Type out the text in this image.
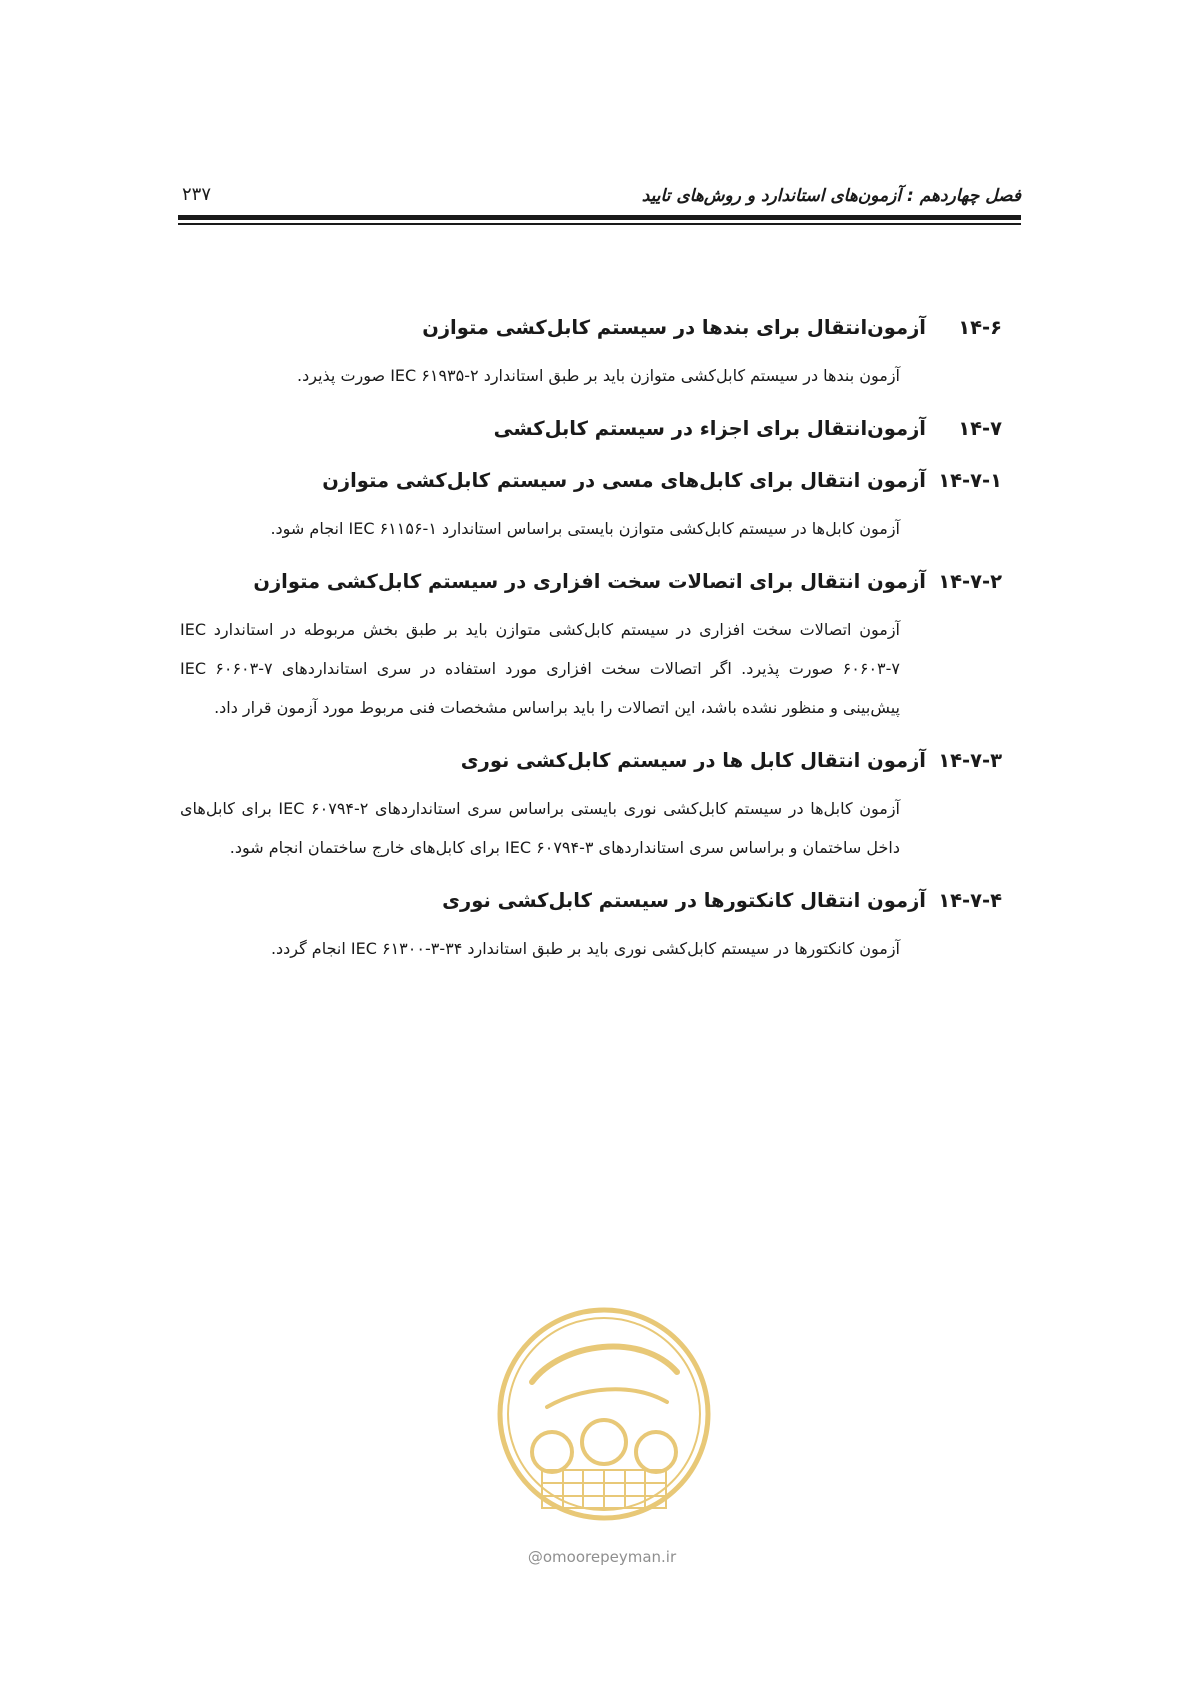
فصل چهاردهم : آزمون‌های استاندارد و روش‌های تایید
۲۳۷
۱۴-۶
آزمون‌انتقال برای بندها در سیستم کابل‌کشی متوازن

آزمون بندها در سیستم کابل‌کشی متوازن باید بر طبق استاندارد IEC ۶۱۹۳۵-۲ صورت پذیرد.

۱۴-۷
آزمون‌انتقال برای اجزاء در سیستم کابل‌کشی
۱۴-۷-۱
آزمون انتقال برای کابل‌های مسی در سیستم کابل‌کشی متوازن

آزمون کابل‌ها در سیستم کابل‌کشی متوازن بایستی براساس استاندارد IEC ۶۱۱۵۶-۱ انجام شود.

۱۴-۷-۲
آزمون انتقال برای اتصالات سخت افزاری در سیستم کابل‌کشی متوازن

آزمون اتصالات سخت افزاری در سیستم کابل‌کشی متوازن باید بر طبق بخش مربوطه در استاندارد IEC ۶۰۶۰۳-۷ صورت پذیرد. اگر اتصالات سخت افزاری مورد استفاده در سری استانداردهای IEC ۶۰۶۰۳-۷ پیش‌بینی و منظور نشده باشد، این اتصالات را باید براساس مشخصات فنی مربوط مورد آزمون قرار داد.

۱۴-۷-۳
آزمون انتقال کابل ها در سیستم کابل‌کشی نوری

آزمون کابل‌ها در سیستم کابل‌کشی نوری بایستی براساس سری استانداردهای IEC ۶۰۷۹۴-۲ برای کابل‌های داخل ساختمان و براساس سری استانداردهای IEC ۶۰۷۹۴-۳ برای کابل‌های خارج ساختمان انجام شود.

۱۴-۷-۴
آزمون انتقال کانکتورها در سیستم کابل‌کشی نوری

آزمون کانکتورها در سیستم کابل‌کشی نوری باید بر طبق استاندارد IEC ۶۱۳۰۰-۳-۳۴ انجام گردد.

@omoorepeyman.ir
